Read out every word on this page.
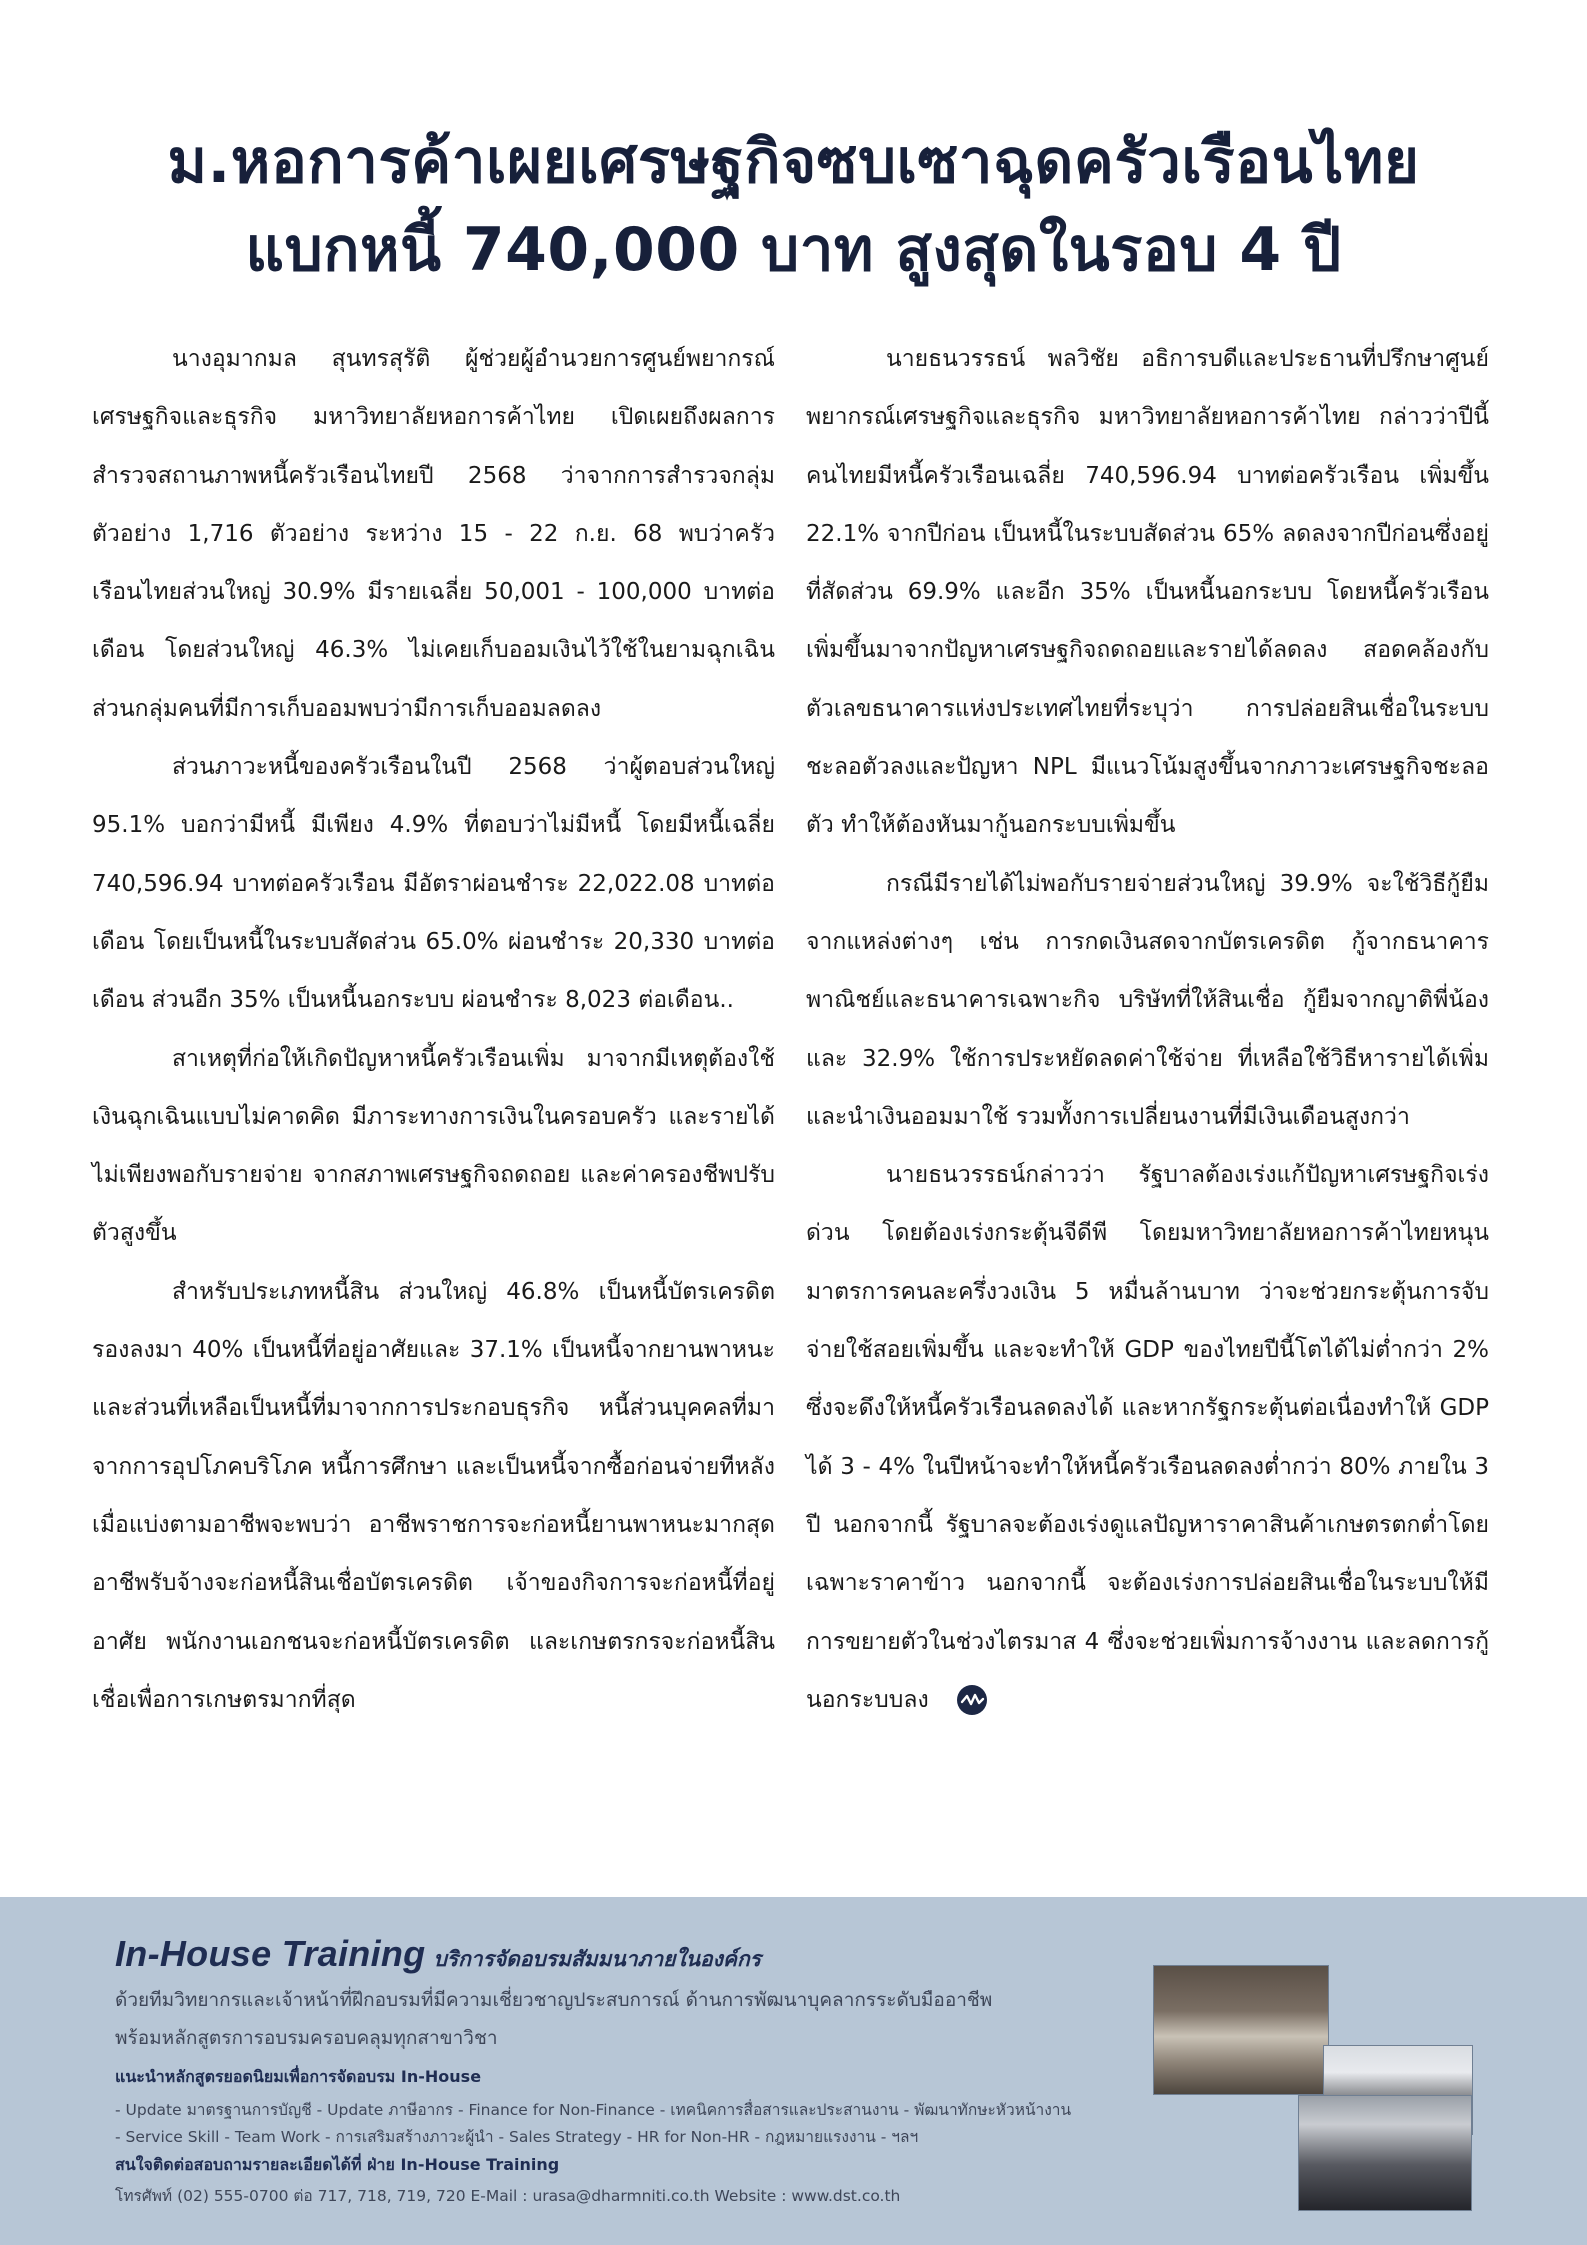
ม.หอการค้าเผยเศรษฐกิจซบเซาฉุดครัวเรือนไทย
แบกหนี้ 740,000 บาท สูงสุดในรอบ 4 ปี

นางอุมากมล สุนทรสุรัติ ผู้ช่วยผู้อำนวยการศูนย์พยากรณ์เศรษฐกิจและธุรกิจ มหาวิทยาลัยหอการค้าไทย เปิดเผยถึงผลการสำรวจสถานภาพหนี้ครัวเรือนไทยปี 2568 ว่าจากการสำรวจกลุ่มตัวอย่าง 1,716 ตัวอย่าง ระหว่าง 15 - 22 ก.ย. 68 พบว่าครัวเรือนไทยส่วนใหญ่ 30.9% มีรายเฉลี่ย 50,001 - 100,000 บาทต่อเดือน โดยส่วนใหญ่ 46.3% ไม่เคยเก็บออมเงินไว้ใช้ในยามฉุกเฉิน ส่วนกลุ่มคนที่มีการเก็บออมพบว่ามีการเก็บออมลดลง

ส่วนภาวะหนี้ของครัวเรือนในปี 2568 ว่าผู้ตอบส่วนใหญ่ 95.1% บอกว่ามีหนี้ มีเพียง 4.9% ที่ตอบว่าไม่มีหนี้ โดยมีหนี้เฉลี่ย 740,596.94 บาทต่อครัวเรือน มีอัตราผ่อนชำระ 22,022.08 บาทต่อเดือน โดยเป็นหนี้ในระบบสัดส่วน 65.0% ผ่อนชำระ 20,330 บาทต่อเดือน ส่วนอีก 35% เป็นหนี้นอกระบบ ผ่อนชำระ 8,023 ต่อเดือน..

สาเหตุที่ก่อให้เกิดปัญหาหนี้ครัวเรือนเพิ่ม มาจากมีเหตุต้องใช้เงินฉุกเฉินแบบไม่คาดคิด มีภาระทางการเงินในครอบครัว และรายได้ไม่เพียงพอกับรายจ่าย จากสภาพเศรษฐกิจถดถอย และค่าครองชีพปรับตัวสูงขึ้น

สำหรับประเภทหนี้สิน ส่วนใหญ่ 46.8% เป็นหนี้บัตรเครดิต รองลงมา 40% เป็นหนี้ที่อยู่อาศัยและ 37.1% เป็นหนี้จากยานพาหนะ และส่วนที่เหลือเป็นหนี้ที่มาจากการประกอบธุรกิจ หนี้ส่วนบุคคลที่มาจากการอุปโภคบริโภค หนี้การศึกษา และเป็นหนี้จากซื้อก่อนจ่ายทีหลัง เมื่อแบ่งตามอาชีพจะพบว่า อาชีพราชการจะก่อหนี้ยานพาหนะมากสุด อาชีพรับจ้างจะก่อหนี้สินเชื่อบัตรเครดิต เจ้าของกิจการจะก่อหนี้ที่อยู่อาศัย พนักงานเอกชนจะก่อหนี้บัตรเครดิต และเกษตรกรจะก่อหนี้สินเชื่อเพื่อการเกษตรมากที่สุด

นายธนวรรธน์ พลวิชัย อธิการบดีและประธานที่ปรึกษาศูนย์พยากรณ์เศรษฐกิจและธุรกิจ มหาวิทยาลัยหอการค้าไทย กล่าวว่าปีนี้คนไทยมีหนี้ครัวเรือนเฉลี่ย 740,596.94 บาทต่อครัวเรือน เพิ่มขึ้น 22.1% จากปีก่อน เป็นหนี้ในระบบสัดส่วน 65% ลดลงจากปีก่อนซึ่งอยู่ที่สัดส่วน 69.9% และอีก 35% เป็นหนี้นอกระบบ โดยหนี้ครัวเรือนเพิ่มขึ้นมาจากปัญหาเศรษฐกิจถดถอยและรายได้ลดลง สอดคล้องกับตัวเลขธนาคารแห่งประเทศไทยที่ระบุว่า การปล่อยสินเชื่อในระบบชะลอตัวลงและปัญหา NPL มีแนวโน้มสูงขึ้นจากภาวะเศรษฐกิจชะลอตัว ทำให้ต้องหันมากู้นอกระบบเพิ่มขึ้น

กรณีมีรายได้ไม่พอกับรายจ่ายส่วนใหญ่ 39.9% จะใช้วิธีกู้ยืมจากแหล่งต่างๆ เช่น การกดเงินสดจากบัตรเครดิต กู้จากธนาคารพาณิชย์และธนาคารเฉพาะกิจ บริษัทที่ให้สินเชื่อ กู้ยืมจากญาติพี่น้อง และ 32.9% ใช้การประหยัดลดค่าใช้จ่าย ที่เหลือใช้วิธีหารายได้เพิ่มและนำเงินออมมาใช้ รวมทั้งการเปลี่ยนงานที่มีเงินเดือนสูงกว่า

นายธนวรรธน์กล่าวว่า รัฐบาลต้องเร่งแก้ปัญหาเศรษฐกิจเร่งด่วน โดยต้องเร่งกระตุ้นจีดีพี โดยมหาวิทยาลัยหอการค้าไทยหนุนมาตรการคนละครึ่งวงเงิน 5 หมื่นล้านบาท ว่าจะช่วยกระตุ้นการจับจ่ายใช้สอยเพิ่มขึ้น และจะทำให้ GDP ของไทยปีนี้โตได้ไม่ต่ำกว่า 2% ซึ่งจะดึงให้หนี้ครัวเรือนลดลงได้ และหากรัฐกระตุ้นต่อเนื่องทำให้ GDP ได้ 3 - 4% ในปีหน้าจะทำให้หนี้ครัวเรือนลดลงต่ำกว่า 80% ภายใน 3 ปี นอกจากนี้ รัฐบาลจะต้องเร่งดูแลปัญหาราคาสินค้าเกษตรตกต่ำโดยเฉพาะราคาข้าว นอกจากนี้ จะต้องเร่งการปล่อยสินเชื่อในระบบให้มีการขยายตัวในช่วงไตรมาส 4 ซึ่งจะช่วยเพิ่มการจ้างงาน และลดการกู้นอกระบบลง

In-House Training บริการจัดอบรมสัมมนาภายในองค์กร
ด้วยทีมวิทยากรและเจ้าหน้าที่ฝึกอบรมที่มีความเชี่ยวชาญประสบการณ์ ด้านการพัฒนาบุคลากรระดับมืออาชีพ
พร้อมหลักสูตรการอบรมครอบคลุมทุกสาขาวิชา
แนะนำหลักสูตรยอดนิยมเพื่อการจัดอบรม In-House
- Update มาตรฐานการบัญชี - Update ภาษีอากร - Finance for Non-Finance - เทคนิคการสื่อสารและประสานงาน - พัฒนาทักษะหัวหน้างาน
- Service Skill - Team Work - การเสริมสร้างภาวะผู้นำ - Sales Strategy - HR for Non-HR - กฎหมายแรงงาน - ฯลฯ
สนใจติดต่อสอบถามรายละเอียดได้ที่ ฝ่าย In-House Training
โทรศัพท์ (02) 555-0700 ต่อ 717, 718, 719, 720 E-Mail : urasa@dharmniti.co.th Website : www.dst.co.th
